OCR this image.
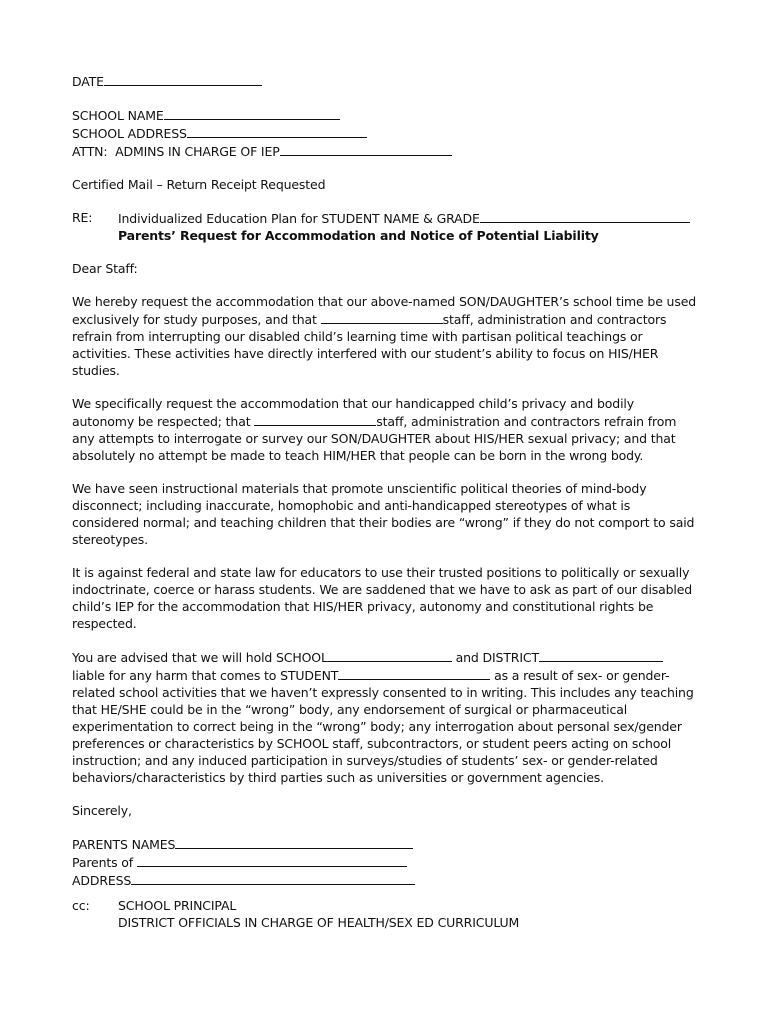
DATE
SCHOOL NAME
SCHOOL ADDRESS
ATTN:  ADMINS IN CHARGE OF IEP
Certified Mail – Return Receipt Requested
RE:	Individualized Education Plan for STUDENT NAME & GRADE
Parents’ Request for Accommodation and Notice of Potential Liability
Dear Staff:

We hereby request the accommodation that our above-named SON/DAUGHTER’s school time be used exclusively for study purposes, and that	staff, administration and contractors refrain from interrupting our disabled child’s learning time with partisan political teachings or activities. These activities have directly interfered with our student’s ability to focus on HIS/HER studies.

We specifically request the accommodation that our handicapped child’s privacy and bodily autonomy be respected; that	staff, administration and contractors refrain from any attempts to interrogate or survey our SON/DAUGHTER about HIS/HER sexual privacy; and that absolutely no attempt be made to teach HIM/HER that people can be born in the wrong body.

We have seen instructional materials that promote unscientific political theories of mind-body disconnect; including inaccurate, homophobic and anti-handicapped stereotypes of what is considered normal; and teaching children that their bodies are “wrong” if they do not comport to said stereotypes.

It is against federal and state law for educators to use their trusted positions to politically or sexually indoctrinate, coerce or harass students. We are saddened that we have to ask as part of our disabled child’s IEP for the accommodation that HIS/HER privacy, autonomy and constitutional rights be respected.

You are advised that we will hold SCHOOL	and DISTRICT liable for any harm that comes to STUDENT	as a result of sex- or gender-related school activities that we haven’t expressly consented to in writing. This includes any teaching that HE/SHE could be in the “wrong” body, any endorsement of surgical or pharmaceutical experimentation to correct being in the “wrong” body; any interrogation about personal sex/gender preferences or characteristics by SCHOOL staff, subcontractors, or student peers acting on school instruction; and any induced participation in surveys/studies of students’ sex- or gender-related behaviors/characteristics by third parties such as universities or government agencies.

Sincerely,
PARENTS NAMES
Parents of
ADDRESS
cc:	SCHOOL PRINCIPAL
DISTRICT OFFICIALS IN CHARGE OF HEALTH/SEX ED CURRICULUM
